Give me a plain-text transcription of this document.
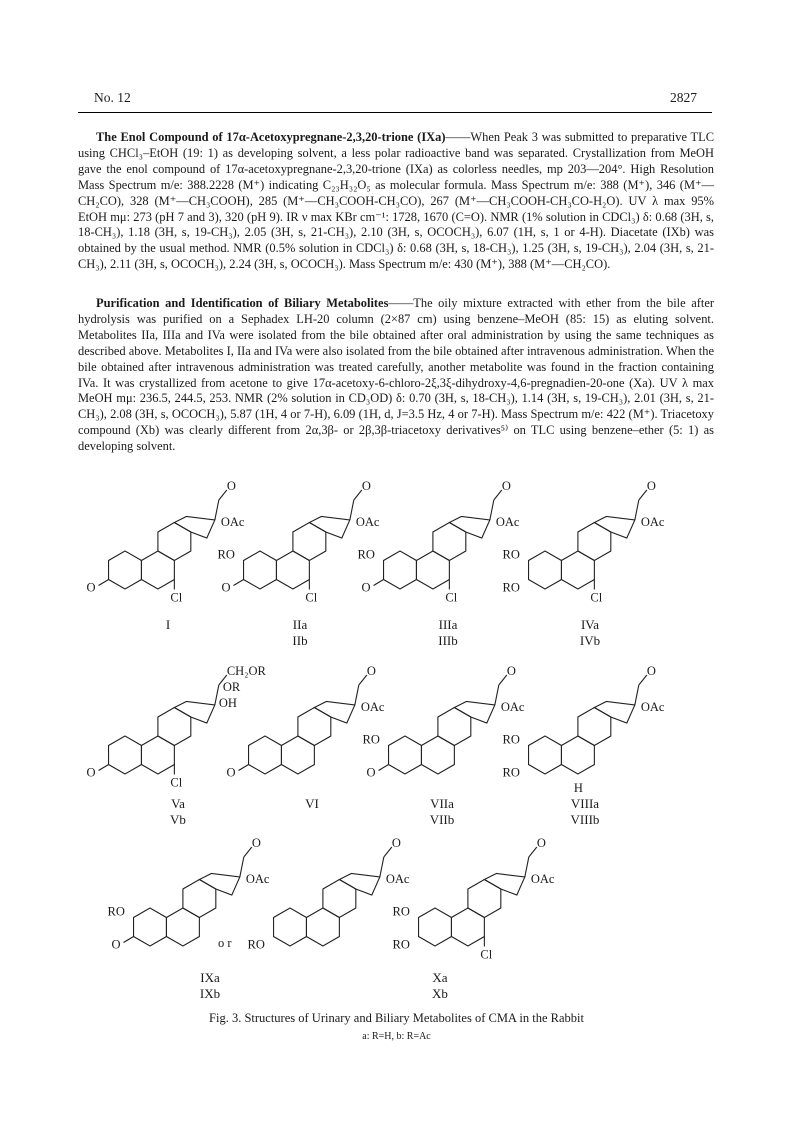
No. 12	2827

The Enol Compound of 17α-Acetoxypregnane-2,3,20-trione (IXa)——When Peak 3 was submitted to preparative TLC using CHCl₃–EtOH (19: 1) as developing solvent, a less polar radioactive band was separated. Crystallization from MeOH gave the enol compound of 17α-acetoxypregnane-2,3,20-trione (IXa) as colorless needles, mp 203—204°. High Resolution Mass Spectrum m/e: 388.2228 (M⁺) indicating C₂₃H₃₂O₅ as molecular formula. Mass Spectrum m/e: 388 (M⁺), 346 (M⁺—CH₂CO), 328 (M⁺—CH₃COOH), 285 (M⁺—CH₃COOH-CH₃CO), 267 (M⁺—CH₃COOH-CH₃CO-H₂O). UV λ max 95% EtOH mμ: 273 (pH 7 and 3), 320 (pH 9). IR ν max KBr cm⁻¹: 1728, 1670 (C=O). NMR (1% solution in CDCl₃) δ: 0.68 (3H, s, 18-CH₃), 1.18 (3H, s, 19-CH₃), 2.05 (3H, s, 21-CH₃), 2.10 (3H, s, OCOCH₃), 6.07 (1H, s, 1 or 4-H). Diacetate (IXb) was obtained by the usual method. NMR (0.5% solution in CDCl₃) δ: 0.68 (3H, s, 18-CH₃), 1.25 (3H, s, 19-CH₃), 2.04 (3H, s, 21-CH₃), 2.11 (3H, s, OCOCH₃), 2.24 (3H, s, OCOCH₃). Mass Spectrum m/e: 430 (M⁺), 388 (M⁺—CH₂CO).

Purification and Identification of Biliary Metabolites——The oily mixture extracted with ether from the bile after hydrolysis was purified on a Sephadex LH-20 column (2×87 cm) using benzene–MeOH (85: 15) as eluting solvent. Metabolites IIa, IIIa and IVa were isolated from the bile obtained after oral administration by using the same techniques as described above. Metabolites I, IIa and IVa were also isolated from the bile obtained after intravenous administration. When the bile obtained after intravenous administration was treated carefully, another metabolite was found in the fraction containing IVa. It was crystallized from acetone to give 17α-acetoxy-6-chloro-2ξ,3ξ-dihydroxy-4,6-pregnadien-20-one (Xa). UV λ max MeOH mμ: 236.5, 244.5, 253. NMR (2% solution in CD₃OD) δ: 0.70 (3H, s, 18-CH₃), 1.14 (3H, s, 19-CH₃), 2.01 (3H, s, 21-CH₃), 2.08 (3H, s, OCOCH₃), 5.87 (1H, 4 or 7-H), 6.09 (1H, d, J=3.5 Hz, 4 or 7-H). Mass Spectrum m/e: 422 (M⁺). Triacetoxy compound (Xb) was clearly different from 2α,3β- or 2β,3β-triacetoxy derivatives⁵⁾ on TLC using benzene–ether (5: 1) as developing solvent.

O
OAc
O
Cl
O
OAc
O
RO
Cl
O
OAc
O
RO
Cl
O
OAc
RO
RO
Cl
I	IIa
IIb
IIIa
IIIb
IVa
IVb
CH₂OR
OR
OH
O
Cl
O
OAc
O
O
OAc
O
RO
O
OAc
RO
RO
H
Va
Vb
VI	VIIa
VIIb
VIIIa
VIIIb
O
OAc
O
RO
O
OAc
RO
O
OAc
RO
RO
Cl
IXa
IXb
Xa
Xb
o r
Fig. 3. Structures of Urinary and Biliary Metabolites of CMA in the Rabbit
a: R=H, b: R=Ac
